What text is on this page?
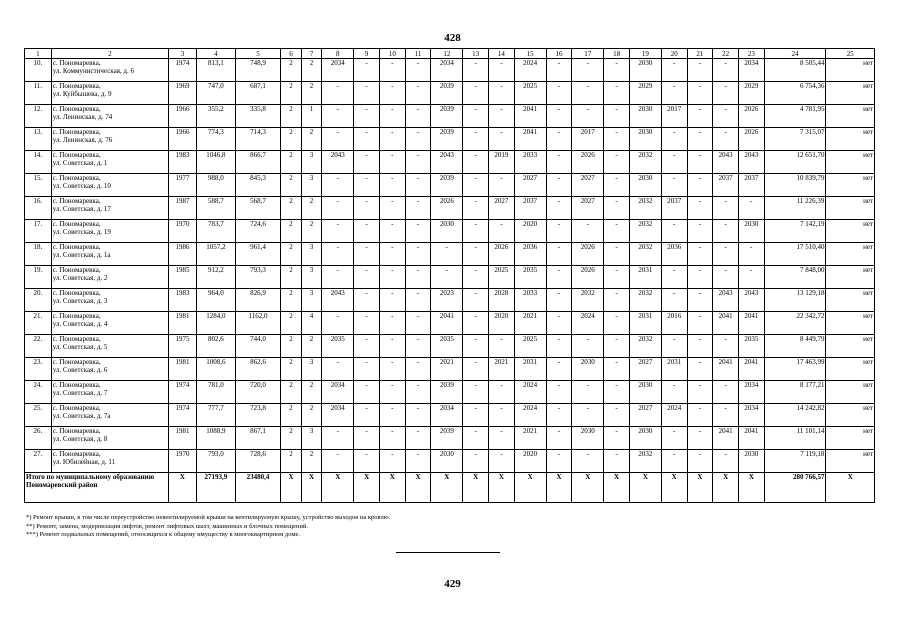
428
1	2	3	4	5	6	7	8	9	10	11	12	13	14	15	16	17	18	19	20	21	22	23	24	25
10.	с. Пономаревка,
ул. Коммунистическая, д. 6	1974	813,1	748,9	2	2	2034	-	-	-	2034	-	-	2024	-	-	-	2030	-	-	-	2034	8 505,44	нет
11.	с. Пономаревка,
ул. Куйбышева, д. 9	1969	747,0	687,1	2	2	-	-	-	-	2039	-	-	2025	-	-	-	2029	-	-	-	2029	6 754,36	нет
12.	с. Пономаревка,
ул. Ленинская, д. 74	1966	355,2	335,8	2	1	-	-	-	-	2039	-	-	2041	-	-	-	2030	2017	-	-	2026	4 781,95	нет
13.	с. Пономаревка,
ул. Ленинская, д. 76	1966	774,3	714,3	2	2	-	-	-	-	2039	-	-	2041	-	2017	-	2030	-	-	-	2026	7 315,07	нет
14.	с. Пономаревка,
ул. Советская, д. 1	1983	1046,8	866,7	2	3	2043	-	-	-	2043	-	2019	2033	-	2026	-	2032	-	-	2043	2043	12 651,70	нет
15.	с. Пономаревка,
ул. Советская, д. 10	1977	988,0	845,3	2	3	-	-	-	-	2039	-	-	2027	-	2027	-	2030	-	-	2037	2037	10 839,79	нет
16.	с. Пономаревка,
ул. Советская, д. 17	1987	588,7	568,7	2	2	-	-	-	-	2026	-	2027	2037	-	2027	-	2032	2037	-	-	-	11 226,39	нет
17.	с. Пономаревка,
ул. Советская, д. 19	1970	783,7	724,6	2	2	-	-	-	-	2030	-	-	2020	-	-	-	2032	-	-	-	2030	7 142,19	нет
18.	с. Пономаревка,
ул. Советская, д. 1а	1986	1057,2	961,4	2	3	-	-	-	-	-	-	2026	2036	-	2026	-	2032	2036	-	-	-	17 510,40	нет
19.	с. Пономаревка,
ул. Советская, д. 2	1985	912,2	793,3	2	3	-	-	-	-	-	-	2025	2035	-	2026	-	2031	-	-	-	-	7 848,00	нет
20.	с. Пономаревка,
ул. Советская, д. 3	1983	964,0	826,9	2	3	2043	-	-	-	2023	-	2028	2033	-	2032	-	2032	-	-	2043	2043	13 129,18	нет
21.	с. Пономаревка,
ул. Советская, д. 4	1981	1284,0	1162,0	2	4	-	-	-	-	2041	-	2020	2021	-	2024	-	2031	2016	-	2041	2041	22 342,72	нет
22.	с. Пономаревка,
ул. Советская, д. 5	1975	802,6	744,0	2	2	2035	-	-	-	2035	-	-	2025	-	-	-	2032	-	-	-	2035	8 449,79	нет
23.	с. Пономаревка,
ул. Советская, д. 6	1981	1008,6	862,6	2	3	-	-	-	-	2021	-	2021	2031	-	2030	-	2027	2031	-	2041	2041	17 463,99	нет
24.	с. Пономаревка,
ул. Советская, д. 7	1974	781,0	720,0	2	2	2034	-	-	-	2039	-	-	2024	-	-	-	2030	-	-	-	2034	8 177,21	нет
25.	с. Пономаревка,
ул. Советская, д. 7а	1974	777,7	723,8	2	2	2034	-	-	-	2034	-	-	2024	-	-	-	2027	2024	-	-	2034	14 242,82	нет
26.	с. Пономаревка,
ул. Советская, д. 8	1981	1088,9	867,1	2	3	-	-	-	-	2039	-	-	2021	-	2030	-	2030	-	-	2041	2041	11 101,14	нет
27.	с. Пономаревка,
ул. Юбилейная, д. 11	1970	793,0	728,6	2	2	-	-	-	-	2030	-	-	2020	-	-	-	2032	-	-	-	2030	7 119,18	нет
Итого по муниципальному образованию Пономаревский район		X	27193,9	23480,4	X	X	X	X	X	X	X	X	X	X	X	X	X	X	X	X	X	X	280 766,57	X
*) Ремонт крыши, в том числе переустройство невентилируемой крыши на вентилируемую крышу, устройство выходов на кровлю.
**) Ремонт, замена, модернизация лифтов, ремонт лифтовых шахт, машинных и блочных помещений.
***) Ремонт подвальных помещений, относящихся к общему имуществу в многоквартирном доме.
429
